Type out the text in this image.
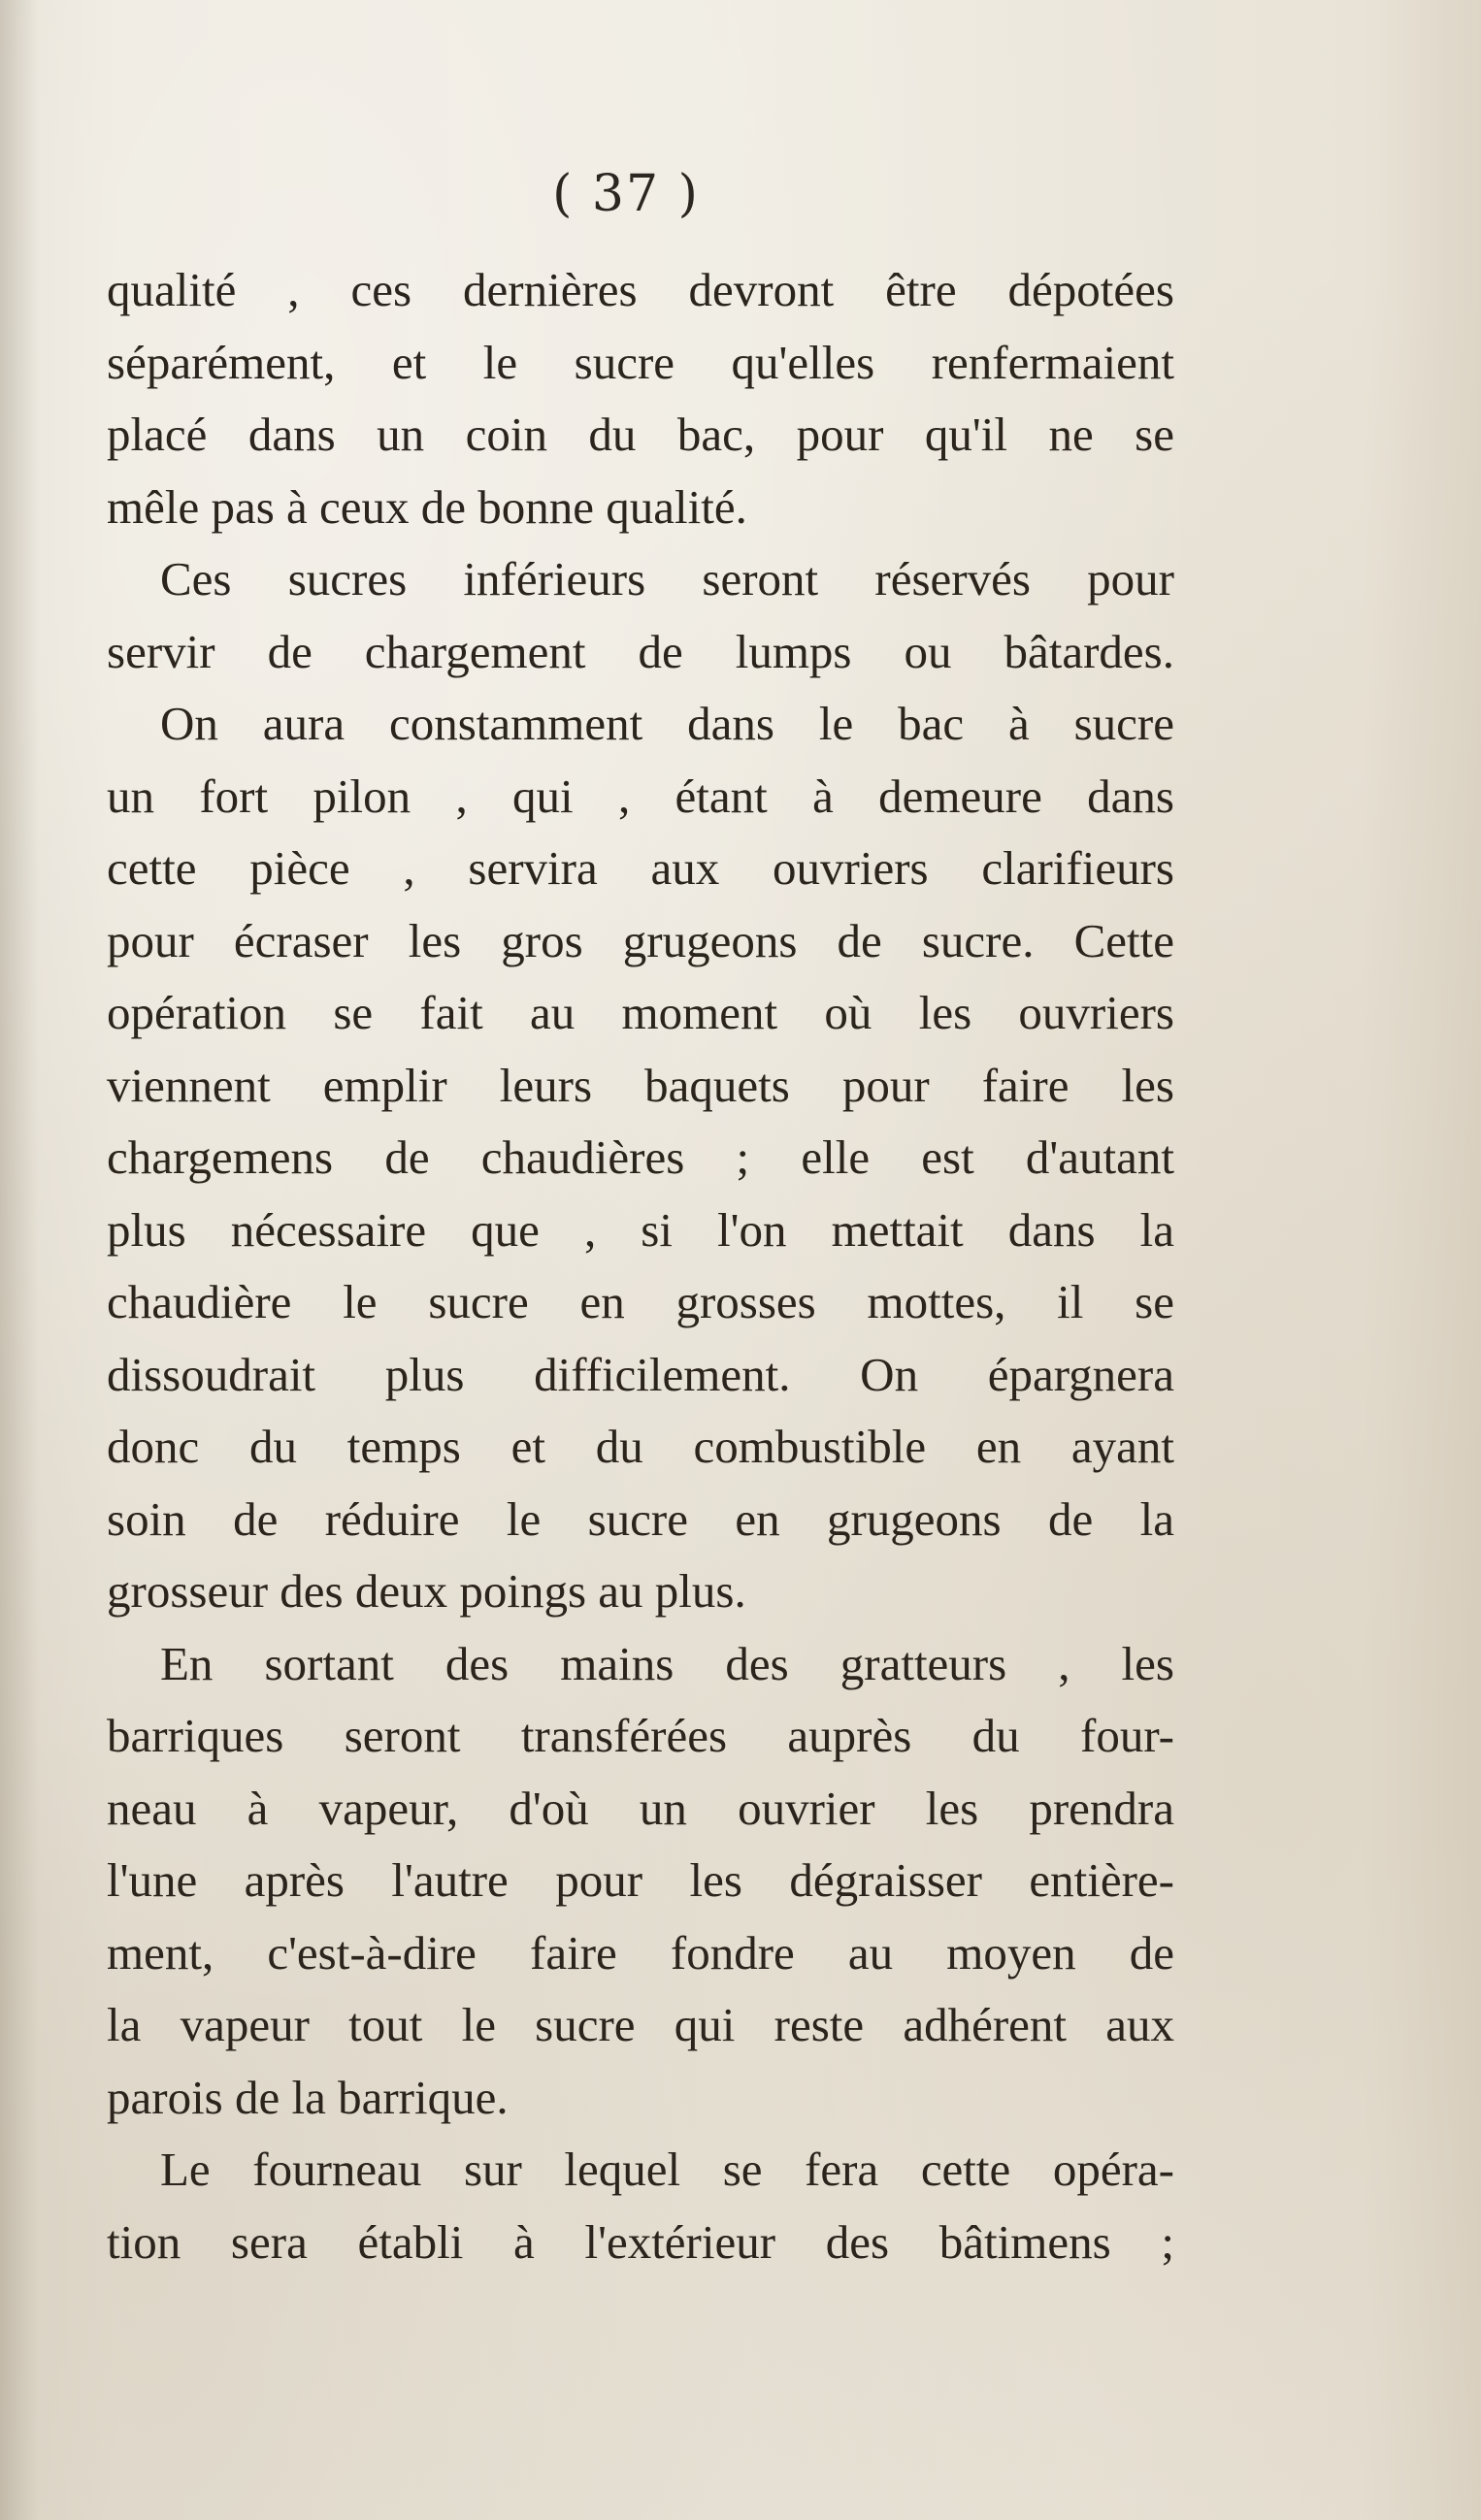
( 37 )
qualité , ces dernières devront être dépotées
séparément, et le sucre qu'elles renfermaient
placé dans un coin du bac, pour qu'il ne se
mêle pas à ceux de bonne qualité.
Ces sucres inférieurs seront réservés pour
servir de chargement de lumps ou bâtardes.
On aura constamment dans le bac à sucre
un fort pilon , qui , étant à demeure dans
cette pièce , servira aux ouvriers clarifieurs
pour écraser les gros grugeons de sucre. Cette
opération se fait au moment où les ouvriers
viennent emplir leurs baquets pour faire les
chargemens de chaudières ; elle est d'autant
plus nécessaire que , si l'on mettait dans la
chaudière le sucre en grosses mottes, il se
dissoudrait plus difficilement. On épargnera
donc du temps et du combustible en ayant
soin de réduire le sucre en grugeons de la
grosseur des deux poings au plus.
En sortant des mains des gratteurs , les
barriques seront transférées auprès du four-
neau à vapeur, d'où un ouvrier les prendra
l'une après l'autre pour les dégraisser entière-
ment, c'est-à-dire faire fondre au moyen de
la vapeur tout le sucre qui reste adhérent aux
parois de la barrique.
Le fourneau sur lequel se fera cette opéra-
tion sera établi à l'extérieur des bâtimens ;
